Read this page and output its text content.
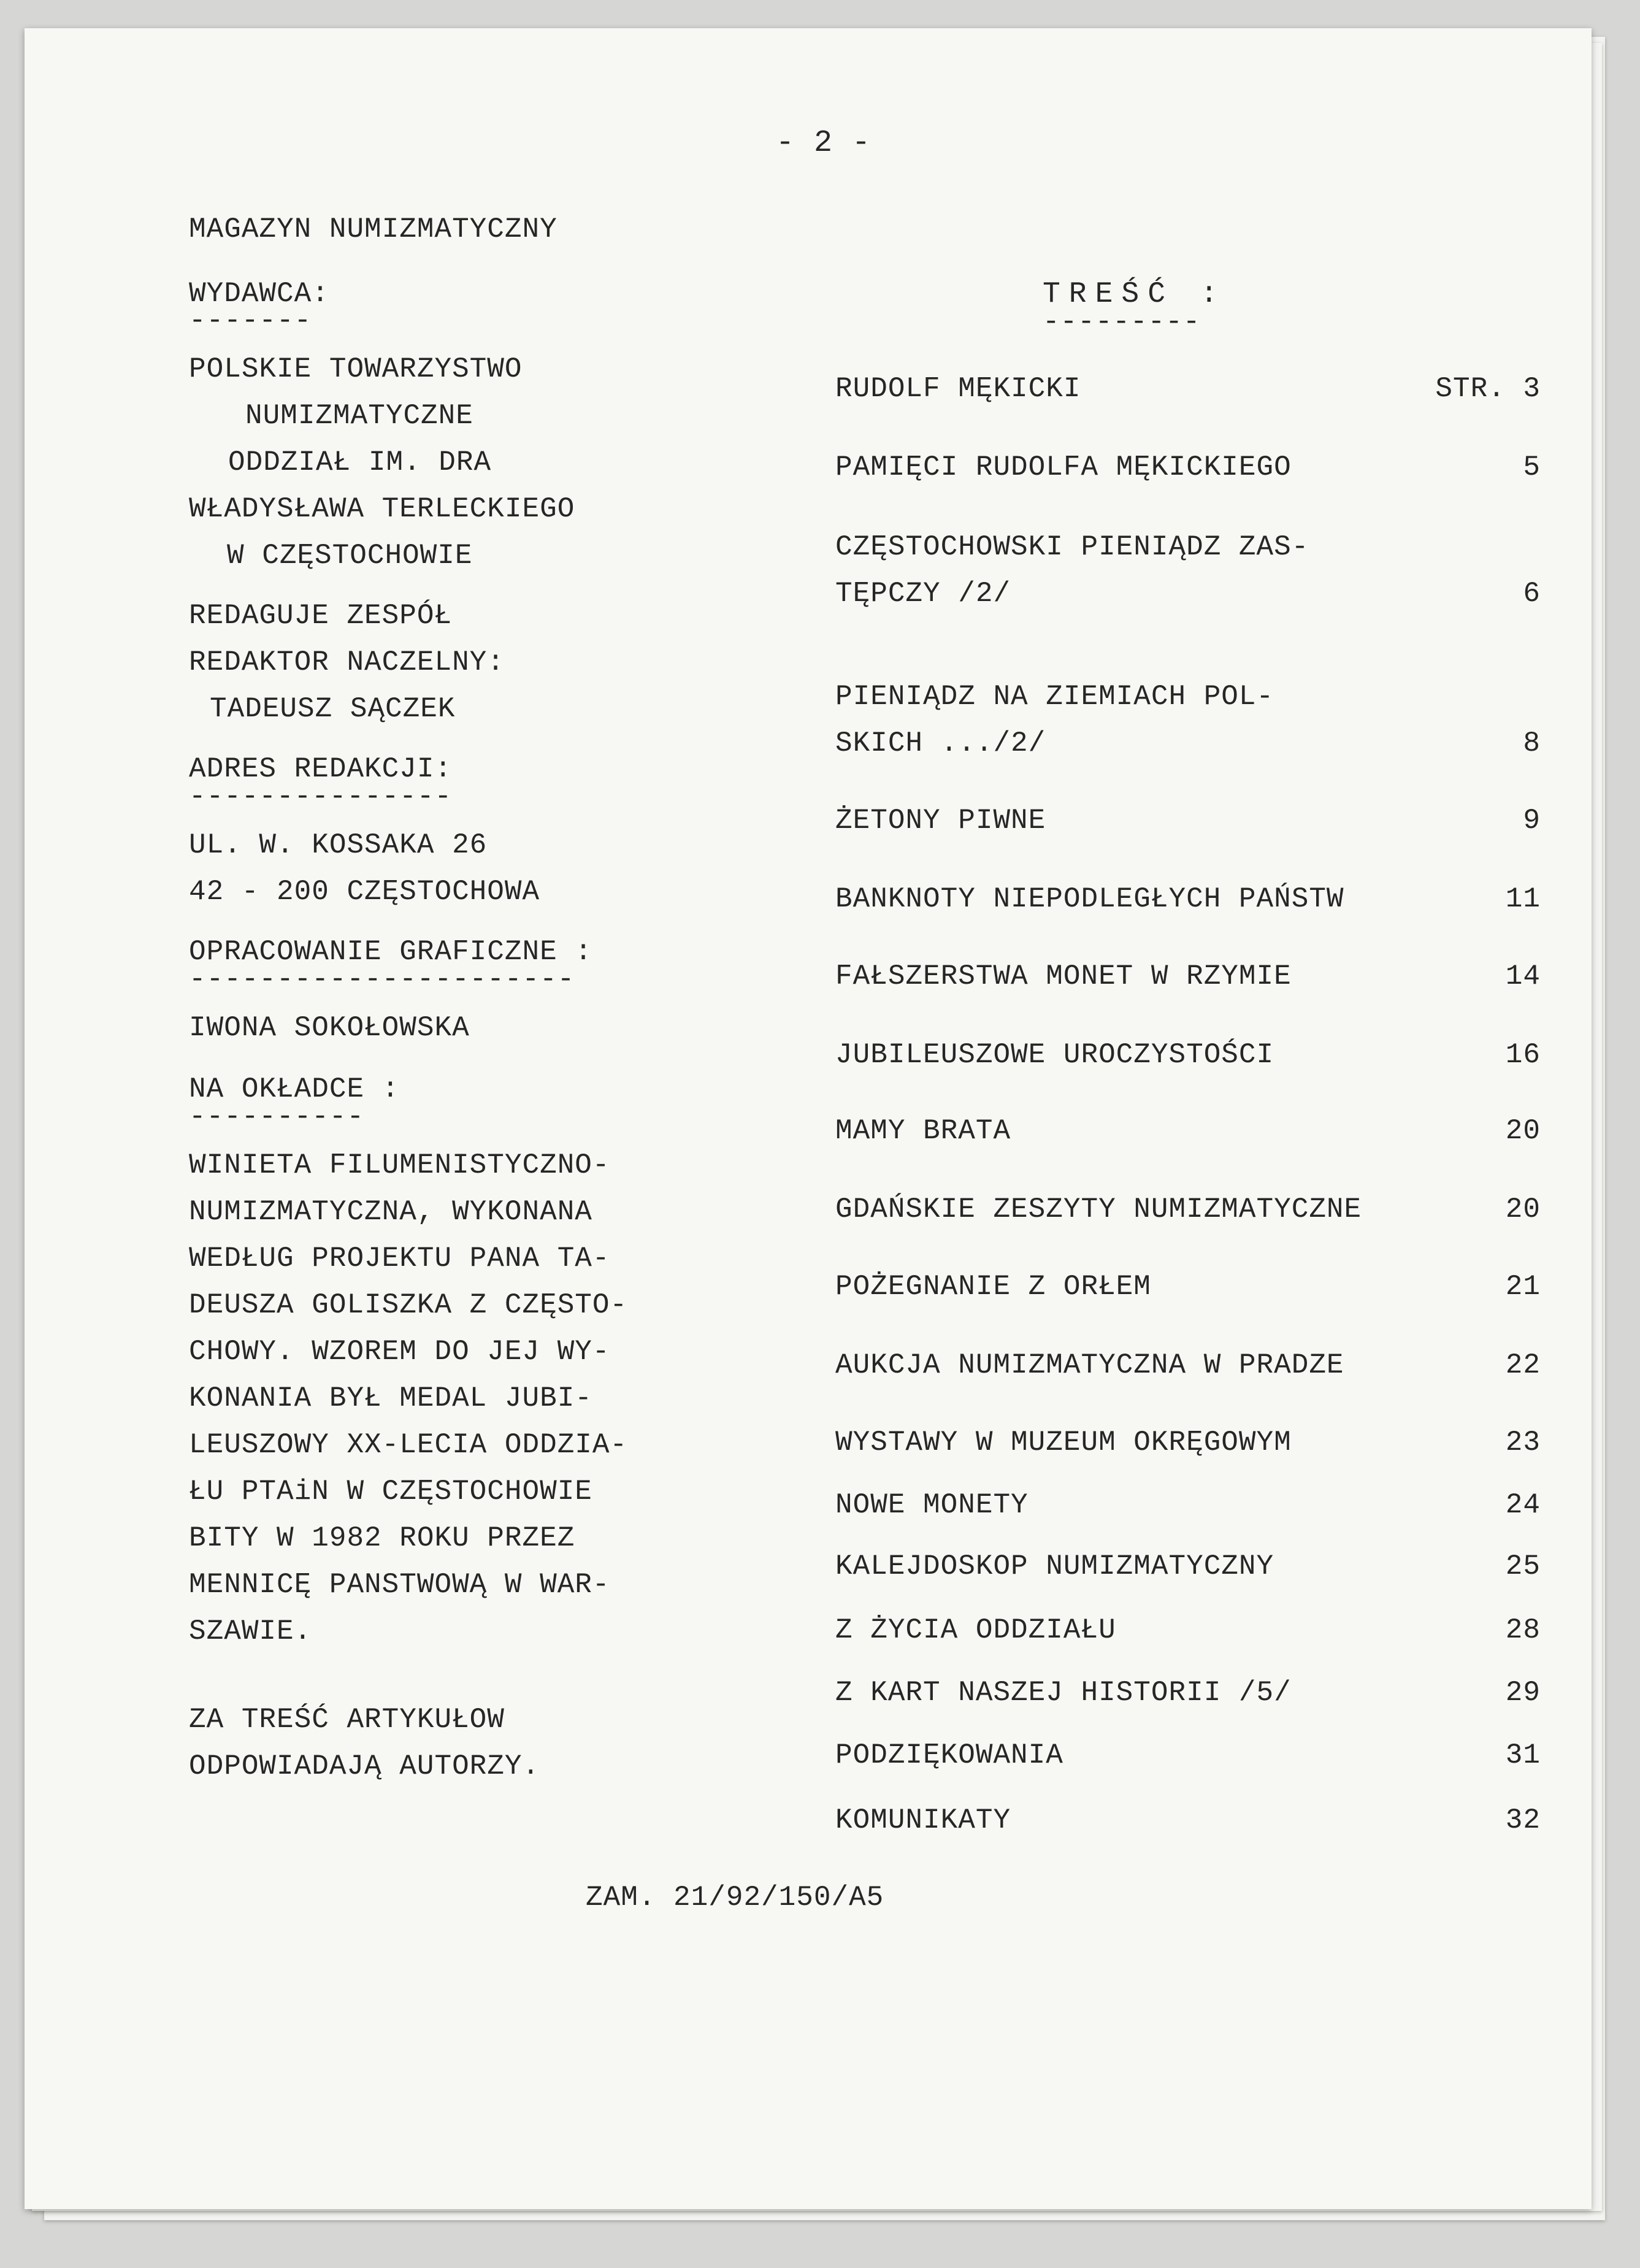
- 2 -
MAGAZYN NUMIZMATYCZNY
WYDAWCA:
-------
POLSKIE TOWARZYSTWO
NUMIZMATYCZNE
ODDZIAŁ IM. DRA
WŁADYSŁAWA TERLECKIEGO
W CZĘSTOCHOWIE
REDAGUJE ZESPÓŁ
REDAKTOR NACZELNY:
TADEUSZ SĄCZEK
ADRES REDAKCJI:
---------------
UL. W. KOSSAKA 26
42 - 200 CZĘSTOCHOWA
OPRACOWANIE GRAFICZNE :
----------------------
IWONA SOKOŁOWSKA
NA OKŁADCE :
----------
WINIETA FILUMENISTYCZNO-
NUMIZMATYCZNA, WYKONANA
WEDŁUG PROJEKTU PANA TA-
DEUSZA GOLISZKA Z CZĘSTO-
CHOWY. WZOREM DO JEJ WY-
KONANIA BYŁ MEDAL JUBI-
LEUSZOWY XX-LECIA ODDZIA-
ŁU PTAiN W CZĘSTOCHOWIE
BITY W 1982 ROKU PRZEZ
MENNICĘ PANSTWOWĄ W WAR-
SZAWIE.
ZA TREŚĆ ARTYKUŁOW
ODPOWIADAJĄ AUTORZY.
TREŚĆ :
---------
RUDOLF MĘKICKI	STR. 3
PAMIĘCI RUDOLFA MĘKICKIEGO	5
CZĘSTOCHOWSKI PIENIĄDZ ZAS-
TĘPCZY /2/	6
PIENIĄDZ NA ZIEMIACH POL-
SKICH .../2/	8
ŻETONY PIWNE	9
BANKNOTY NIEPODLEGŁYCH PAŃSTW	11
FAŁSZERSTWA MONET W RZYMIE	14
JUBILEUSZOWE UROCZYSTOŚCI	16
MAMY BRATA	20
GDAŃSKIE ZESZYTY NUMIZMATYCZNE	20
POŻEGNANIE Z ORŁEM	21
AUKCJA NUMIZMATYCZNA W PRADZE	22
WYSTAWY W MUZEUM OKRĘGOWYM	23
NOWE MONETY	24
KALEJDOSKOP NUMIZMATYCZNY	25
Z ŻYCIA ODDZIAŁU	28
Z KART NASZEJ HISTORII /5/	29
PODZIĘKOWANIA	31
KOMUNIKATY	32
ZAM. 21/92/150/A5
